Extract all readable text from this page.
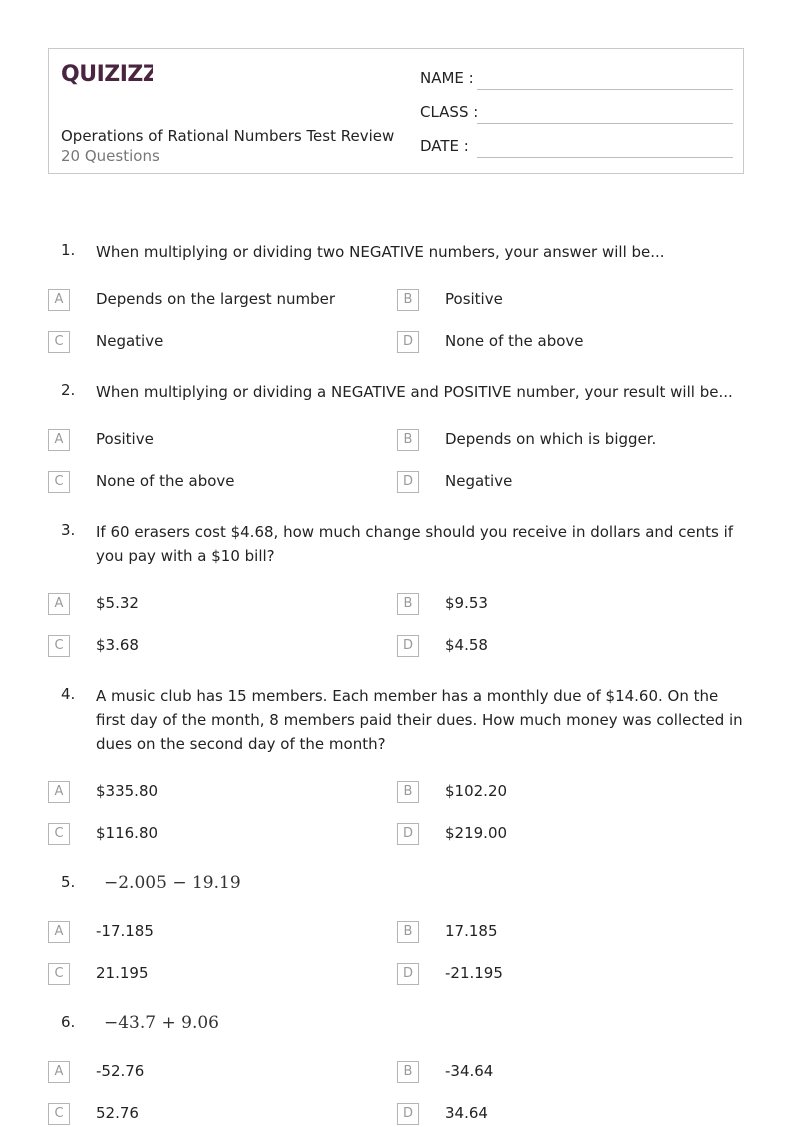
QUIZIZZ
Operations of Rational Numbers Test Review
20 Questions
NAME :
CLASS :
DATE :
1. When multiplying or dividing two NEGATIVE numbers, your answer will be...
A	Depends on the largest number	B	Positive
C	Negative	D	None of the above
2. When multiplying or dividing a NEGATIVE and POSITIVE number, your result will be...
A	Positive	B	Depends on which is bigger.
C	None of the above	D	Negative
3. If 60 erasers cost $4.68, how much change should you receive in dollars and cents if you pay with a $10 bill?
A	$5.32	B	$9.53
C	$3.68	D	$4.58
4. A music club has 15 members. Each member has a monthly due of $14.60. On the first day of the month, 8 members paid their dues. How much money was collected in dues on the second day of the month?
A	$335.80	B	$102.20
C	$116.80	D	$219.00
5.	−2.005 − 19.19
A	-17.185	B	17.185
C	21.195	D	-21.195
6.	−43.7 + 9.06
A	-52.76	B	-34.64
C	52.76	D	34.64
